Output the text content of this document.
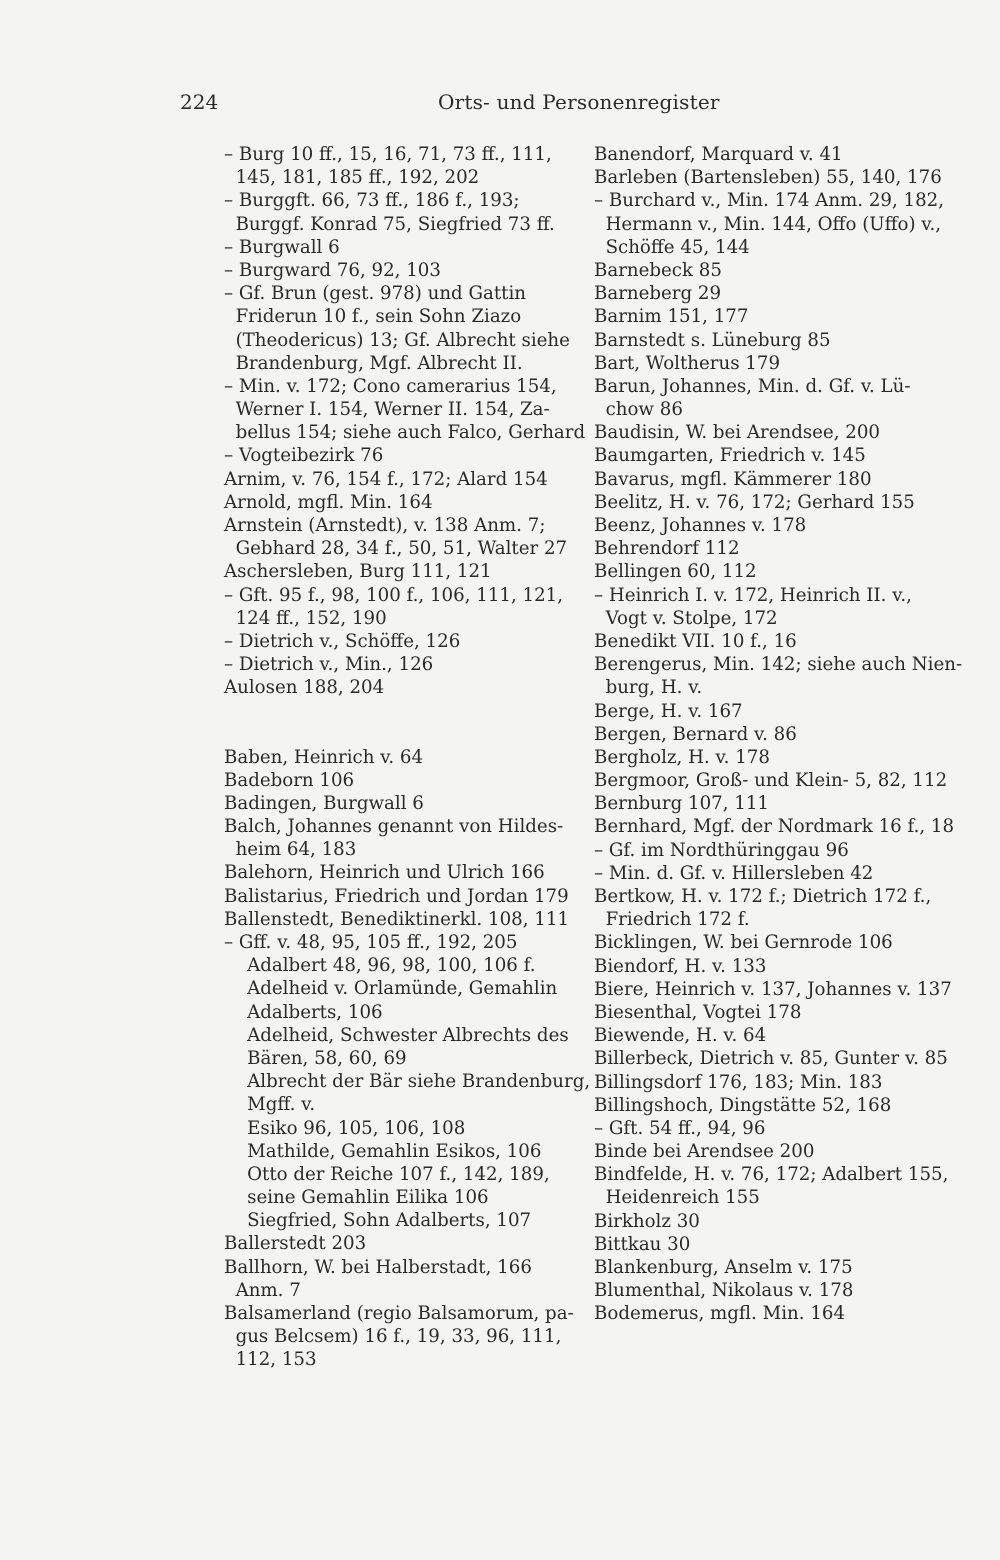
224	Orts- und Personenregister
– Burg 10 ff., 15, 16, 71, 73 ff., 111,
145, 181, 185 ff., 192, 202
– Burggft. 66, 73 ff., 186 f., 193;
Burggf. Konrad 75, Siegfried 73 ff.
– Burgwall 6
– Burgward 76, 92, 103
– Gf. Brun (gest. 978) und Gattin
Friderun 10 f., sein Sohn Ziazo
(Theodericus) 13; Gf. Albrecht siehe
Brandenburg, Mgf. Albrecht II.
– Min. v. 172; Cono camerarius 154,
Werner I. 154, Werner II. 154, Za-
bellus 154; siehe auch Falco, Gerhard
– Vogteibezirk 76
Arnim, v. 76, 154 f., 172; Alard 154
Arnold, mgfl. Min. 164
Arnstein (Arnstedt), v. 138 Anm. 7;
Gebhard 28, 34 f., 50, 51, Walter 27
Aschersleben, Burg 111, 121
– Gft. 95 f., 98, 100 f., 106, 111, 121,
124 ff., 152, 190
– Dietrich v., Schöffe, 126
– Dietrich v., Min., 126
Aulosen 188, 204
Baben, Heinrich v. 64
Badeborn 106
Badingen, Burgwall 6
Balch, Johannes genannt von Hildes-
heim 64, 183
Balehorn, Heinrich und Ulrich 166
Balistarius, Friedrich und Jordan 179
Ballenstedt, Benediktinerkl. 108, 111
– Gff. v. 48, 95, 105 ff., 192, 205
Adalbert 48, 96, 98, 100, 106 f.
Adelheid v. Orlamünde, Gemahlin
Adalberts, 106
Adelheid, Schwester Albrechts des
Bären, 58, 60, 69
Albrecht der Bär siehe Brandenburg,
Mgff. v.
Esiko 96, 105, 106, 108
Mathilde, Gemahlin Esikos, 106
Otto der Reiche 107 f., 142, 189,
seine Gemahlin Eilika 106
Siegfried, Sohn Adalberts, 107
Ballerstedt 203
Ballhorn, W. bei Halberstadt, 166
Anm. 7
Balsamerland (regio Balsamorum, pa-
gus Belcsem) 16 f., 19, 33, 96, 111,
112, 153
Banendorf, Marquard v. 41
Barleben (Bartensleben) 55, 140, 176
– Burchard v., Min. 174 Anm. 29, 182,
Hermann v., Min. 144, Offo (Uffo) v.,
Schöffe 45, 144
Barnebeck 85
Barneberg 29
Barnim 151, 177
Barnstedt s. Lüneburg 85
Bart, Woltherus 179
Barun, Johannes, Min. d. Gf. v. Lü-
chow 86
Baudisin, W. bei Arendsee, 200
Baumgarten, Friedrich v. 145
Bavarus, mgfl. Kämmerer 180
Beelitz, H. v. 76, 172; Gerhard 155
Beenz, Johannes v. 178
Behrendorf 112
Bellingen 60, 112
– Heinrich I. v. 172, Heinrich II. v.,
Vogt v. Stolpe, 172
Benedikt VII. 10 f., 16
Berengerus, Min. 142; siehe auch Nien-
burg, H. v.
Berge, H. v. 167
Bergen, Bernard v. 86
Bergholz, H. v. 178
Bergmoor, Groß- und Klein- 5, 82, 112
Bernburg 107, 111
Bernhard, Mgf. der Nordmark 16 f., 18
– Gf. im Nordthüringgau 96
– Min. d. Gf. v. Hillersleben 42
Bertkow, H. v. 172 f.; Dietrich 172 f.,
Friedrich 172 f.
Bicklingen, W. bei Gernrode 106
Biendorf, H. v. 133
Biere, Heinrich v. 137, Johannes v. 137
Biesenthal, Vogtei 178
Biewende, H. v. 64
Billerbeck, Dietrich v. 85, Gunter v. 85
Billingsdorf 176, 183; Min. 183
Billingshoch, Dingstätte 52, 168
– Gft. 54 ff., 94, 96
Binde bei Arendsee 200
Bindfelde, H. v. 76, 172; Adalbert 155,
Heidenreich 155
Birkholz 30
Bittkau 30
Blankenburg, Anselm v. 175
Blumenthal, Nikolaus v. 178
Bodemerus, mgfl. Min. 164
